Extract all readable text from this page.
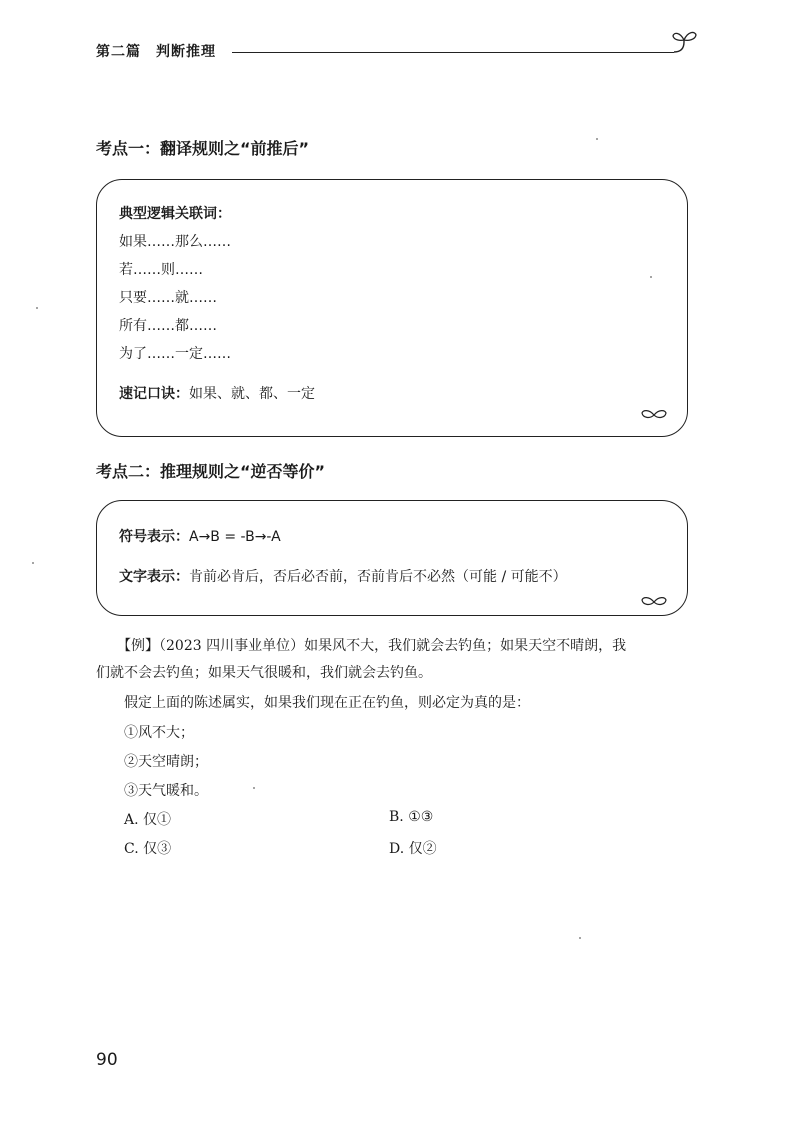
第二篇　判断推理
考点一：翻译规则之“前推后”
典型逻辑关联词：
如果……那么……
若……则……
只要……就……
所有……都……
为了……一定……
速记口诀：如果、就、都、一定
考点二：推理规则之“逆否等价”
符号表示：A→B = -B→-A
文字表示：肯前必肯后，否后必否前，否前肯后不必然（可能 / 可能不）
【例】（2023 四川事业单位）如果风不大，我们就会去钓鱼；如果天空不晴朗，我
们就不会去钓鱼；如果天气很暖和，我们就会去钓鱼。
假定上面的陈述属实，如果我们现在正在钓鱼，则必定为真的是：
①风不大；
②天空晴朗；
③天气暖和。
A. 仅①	B. ①③
C. 仅③	D. 仅②
90
